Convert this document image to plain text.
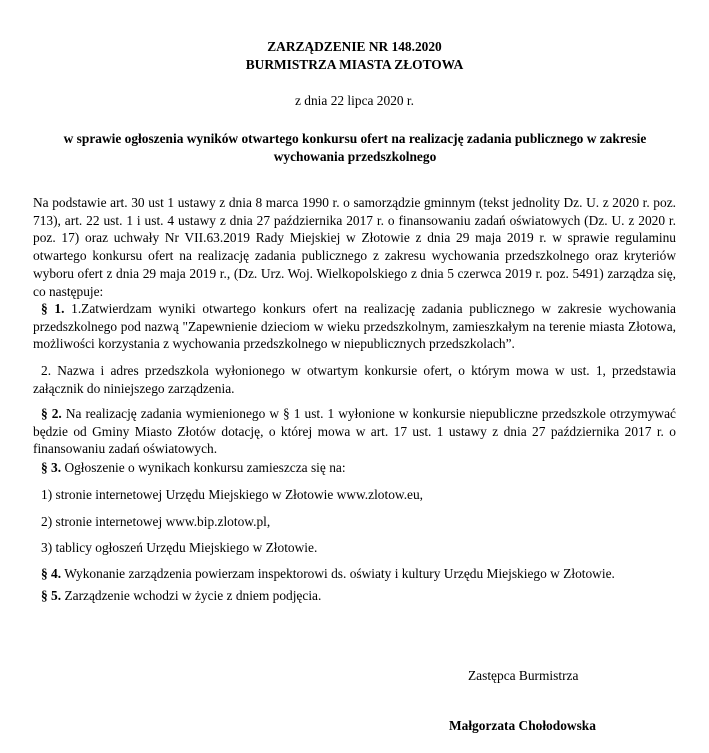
ZARZĄDZENIE NR 148.2020
BURMISTRZA MIASTA ZŁOTOWA
z dnia 22 lipca 2020 r.
w sprawie ogłoszenia wyników otwartego konkursu ofert na realizację zadania publicznego w zakresie wychowania przedszkolnego
Na podstawie art. 30 ust 1 ustawy z dnia 8 marca 1990 r. o samorządzie gminnym (tekst jednolity Dz. U. z 2020 r. poz. 713), art. 22 ust. 1 i ust. 4 ustawy z dnia 27 października 2017 r. o finansowaniu zadań oświatowych (Dz. U. z 2020 r. poz. 17) oraz uchwały Nr VII.63.2019 Rady Miejskiej w Złotowie z dnia 29 maja 2019 r. w sprawie regulaminu otwartego konkursu ofert na realizację zadania publicznego z zakresu wychowania przedszkolnego oraz kryteriów wyboru ofert z dnia 29 maja 2019 r., (Dz. Urz. Woj. Wielkopolskiego z dnia 5 czerwca 2019 r. poz. 5491) zarządza się, co następuje:
§ 1. 1.Zatwierdzam wyniki otwartego konkurs ofert na realizację zadania publicznego w zakresie wychowania przedszkolnego pod nazwą "Zapewnienie dzieciom w wieku przedszkolnym, zamieszkałym na terenie miasta Złotowa, możliwości korzystania z wychowania przedszkolnego w niepublicznych przedszkolach”.
2. Nazwa i adres przedszkola wyłonionego w otwartym konkursie ofert, o którym mowa w ust. 1, przedstawia załącznik do niniejszego zarządzenia.
§ 2. Na realizację zadania wymienionego w § 1 ust. 1 wyłonione w konkursie niepubliczne przedszkole otrzymywać będzie od Gminy Miasto Złotów dotację, o której mowa w art. 17 ust. 1 ustawy z dnia 27 października 2017 r. o finansowaniu zadań oświatowych.
§ 3. Ogłoszenie o wynikach konkursu zamieszcza się na:
1) stronie internetowej Urzędu Miejskiego w Złotowie www.zlotow.eu,
2) stronie internetowej www.bip.zlotow.pl,
3) tablicy ogłoszeń Urzędu Miejskiego w Złotowie.
§ 4. Wykonanie zarządzenia powierzam inspektorowi ds. oświaty i kultury Urzędu Miejskiego w Złotowie.
§ 5. Zarządzenie wchodzi w życie z dniem podjęcia.
Zastępca Burmistrza
Małgorzata Chołodowska
